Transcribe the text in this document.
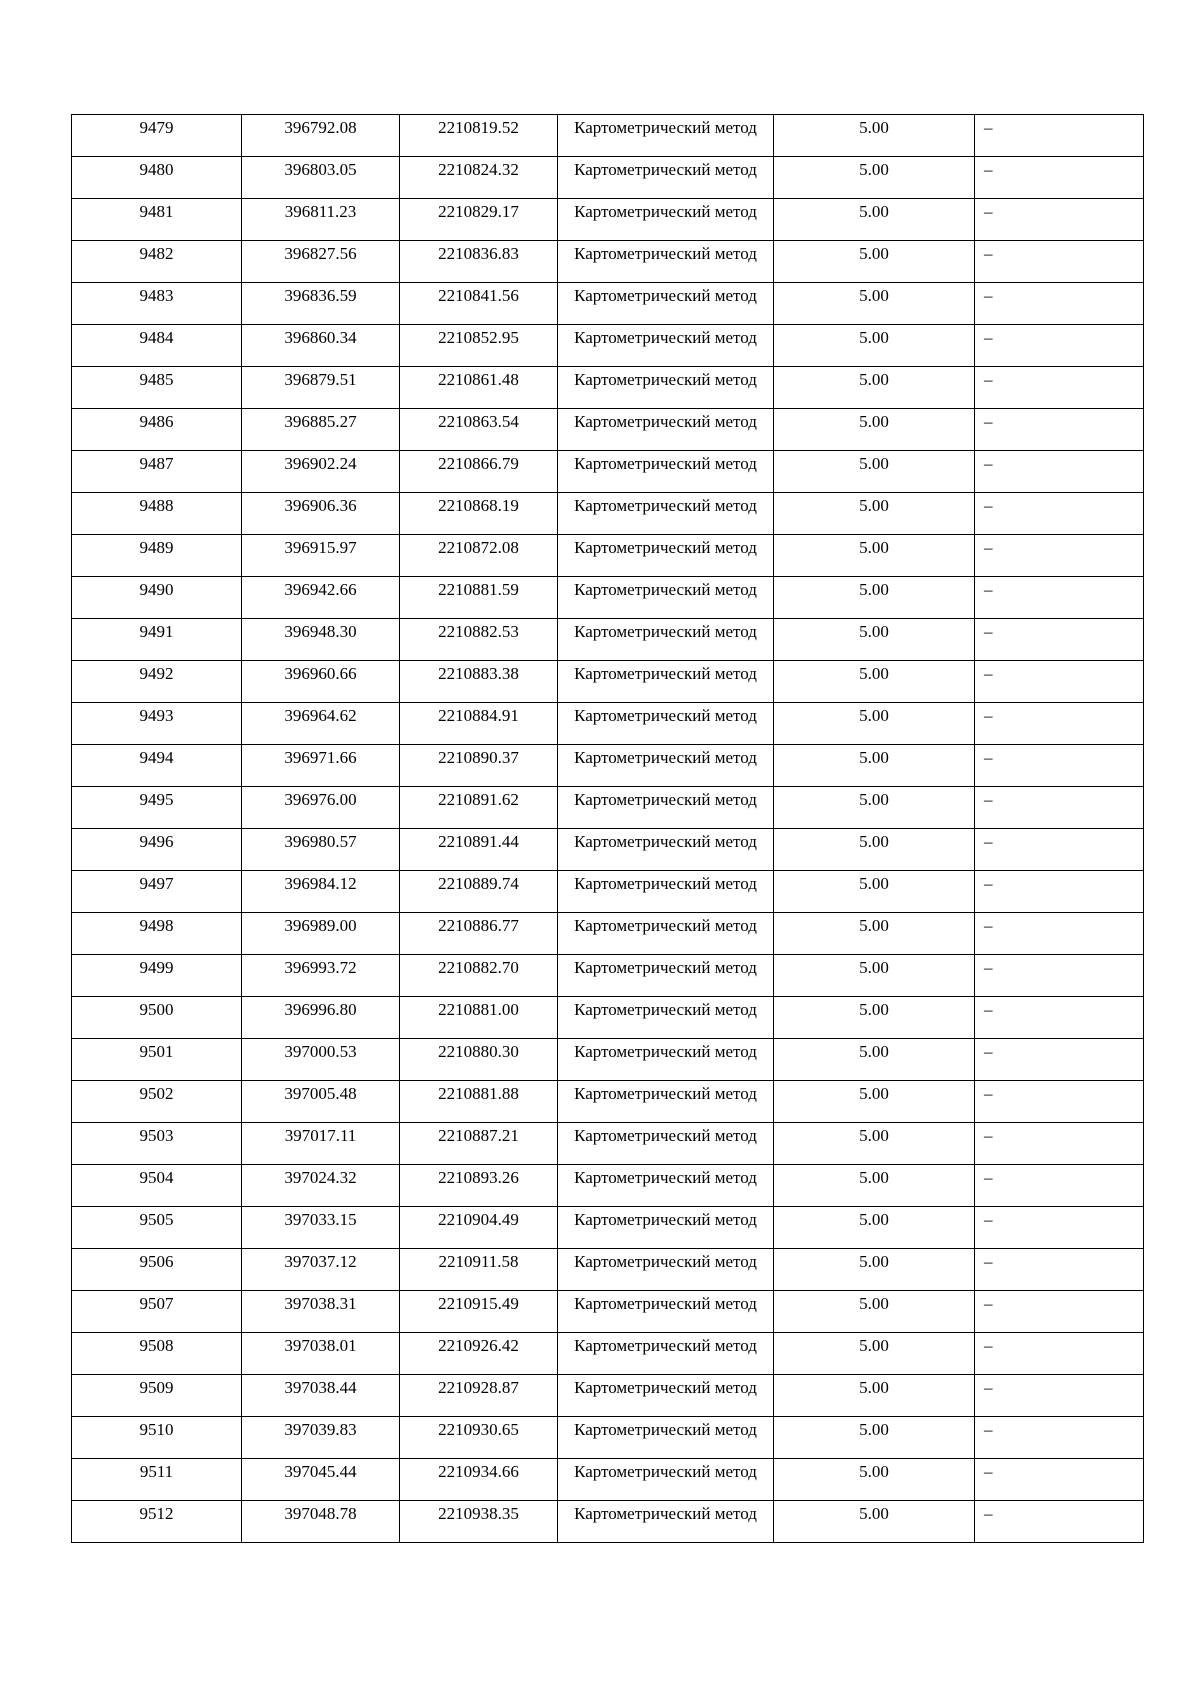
9479	396792.08	2210819.52	Картометрический метод	5.00	–

9480	396803.05	2210824.32	Картометрический метод	5.00	–

9481	396811.23	2210829.17	Картометрический метод	5.00	–

9482	396827.56	2210836.83	Картометрический метод	5.00	–

9483	396836.59	2210841.56	Картометрический метод	5.00	–

9484	396860.34	2210852.95	Картометрический метод	5.00	–

9485	396879.51	2210861.48	Картометрический метод	5.00	–

9486	396885.27	2210863.54	Картометрический метод	5.00	–

9487	396902.24	2210866.79	Картометрический метод	5.00	–

9488	396906.36	2210868.19	Картометрический метод	5.00	–

9489	396915.97	2210872.08	Картометрический метод	5.00	–

9490	396942.66	2210881.59	Картометрический метод	5.00	–

9491	396948.30	2210882.53	Картометрический метод	5.00	–

9492	396960.66	2210883.38	Картометрический метод	5.00	–

9493	396964.62	2210884.91	Картометрический метод	5.00	–

9494	396971.66	2210890.37	Картометрический метод	5.00	–

9495	396976.00	2210891.62	Картометрический метод	5.00	–

9496	396980.57	2210891.44	Картометрический метод	5.00	–

9497	396984.12	2210889.74	Картометрический метод	5.00	–

9498	396989.00	2210886.77	Картометрический метод	5.00	–

9499	396993.72	2210882.70	Картометрический метод	5.00	–

9500	396996.80	2210881.00	Картометрический метод	5.00	–

9501	397000.53	2210880.30	Картометрический метод	5.00	–

9502	397005.48	2210881.88	Картометрический метод	5.00	–

9503	397017.11	2210887.21	Картометрический метод	5.00	–

9504	397024.32	2210893.26	Картометрический метод	5.00	–

9505	397033.15	2210904.49	Картометрический метод	5.00	–

9506	397037.12	2210911.58	Картометрический метод	5.00	–

9507	397038.31	2210915.49	Картометрический метод	5.00	–

9508	397038.01	2210926.42	Картометрический метод	5.00	–

9509	397038.44	2210928.87	Картометрический метод	5.00	–

9510	397039.83	2210930.65	Картометрический метод	5.00	–

9511	397045.44	2210934.66	Картометрический метод	5.00	–

9512	397048.78	2210938.35	Картометрический метод	5.00	–
